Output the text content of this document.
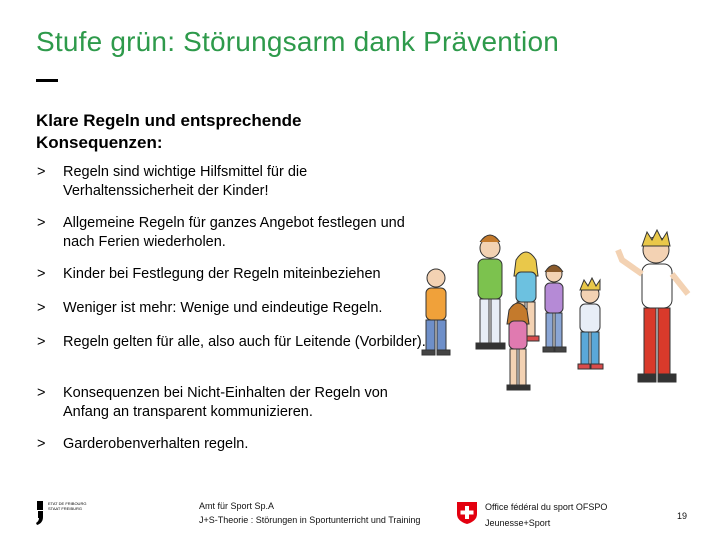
Stufe grün: Störungsarm dank Prävention
Klare Regeln und entsprechende Konsequenzen:
> Regeln sind wichtige Hilfsmittel für die Verhaltenssicherheit der Kinder!
> Allgemeine Regeln für ganzes Angebot festlegen und nach Ferien wiederholen.
> Kinder bei Festlegung der Regeln miteinbeziehen
> Weniger ist mehr: Wenige und eindeutige Regeln.
> Regeln gelten für alle, also auch für Leitende (Vorbilder).
> Konsequenzen bei Nicht-Einhalten der Regeln von Anfang an transparent kommunizieren.
> Garderobenverhalten regeln.
ETAT DE FRIBOURG
STAAT FREIBURG	Amt für Sport Sp.A
J+S-Theorie : Störungen in Sportunterricht und Training
Office fédéral du sport OFSPO
Jeunesse+Sport
19
